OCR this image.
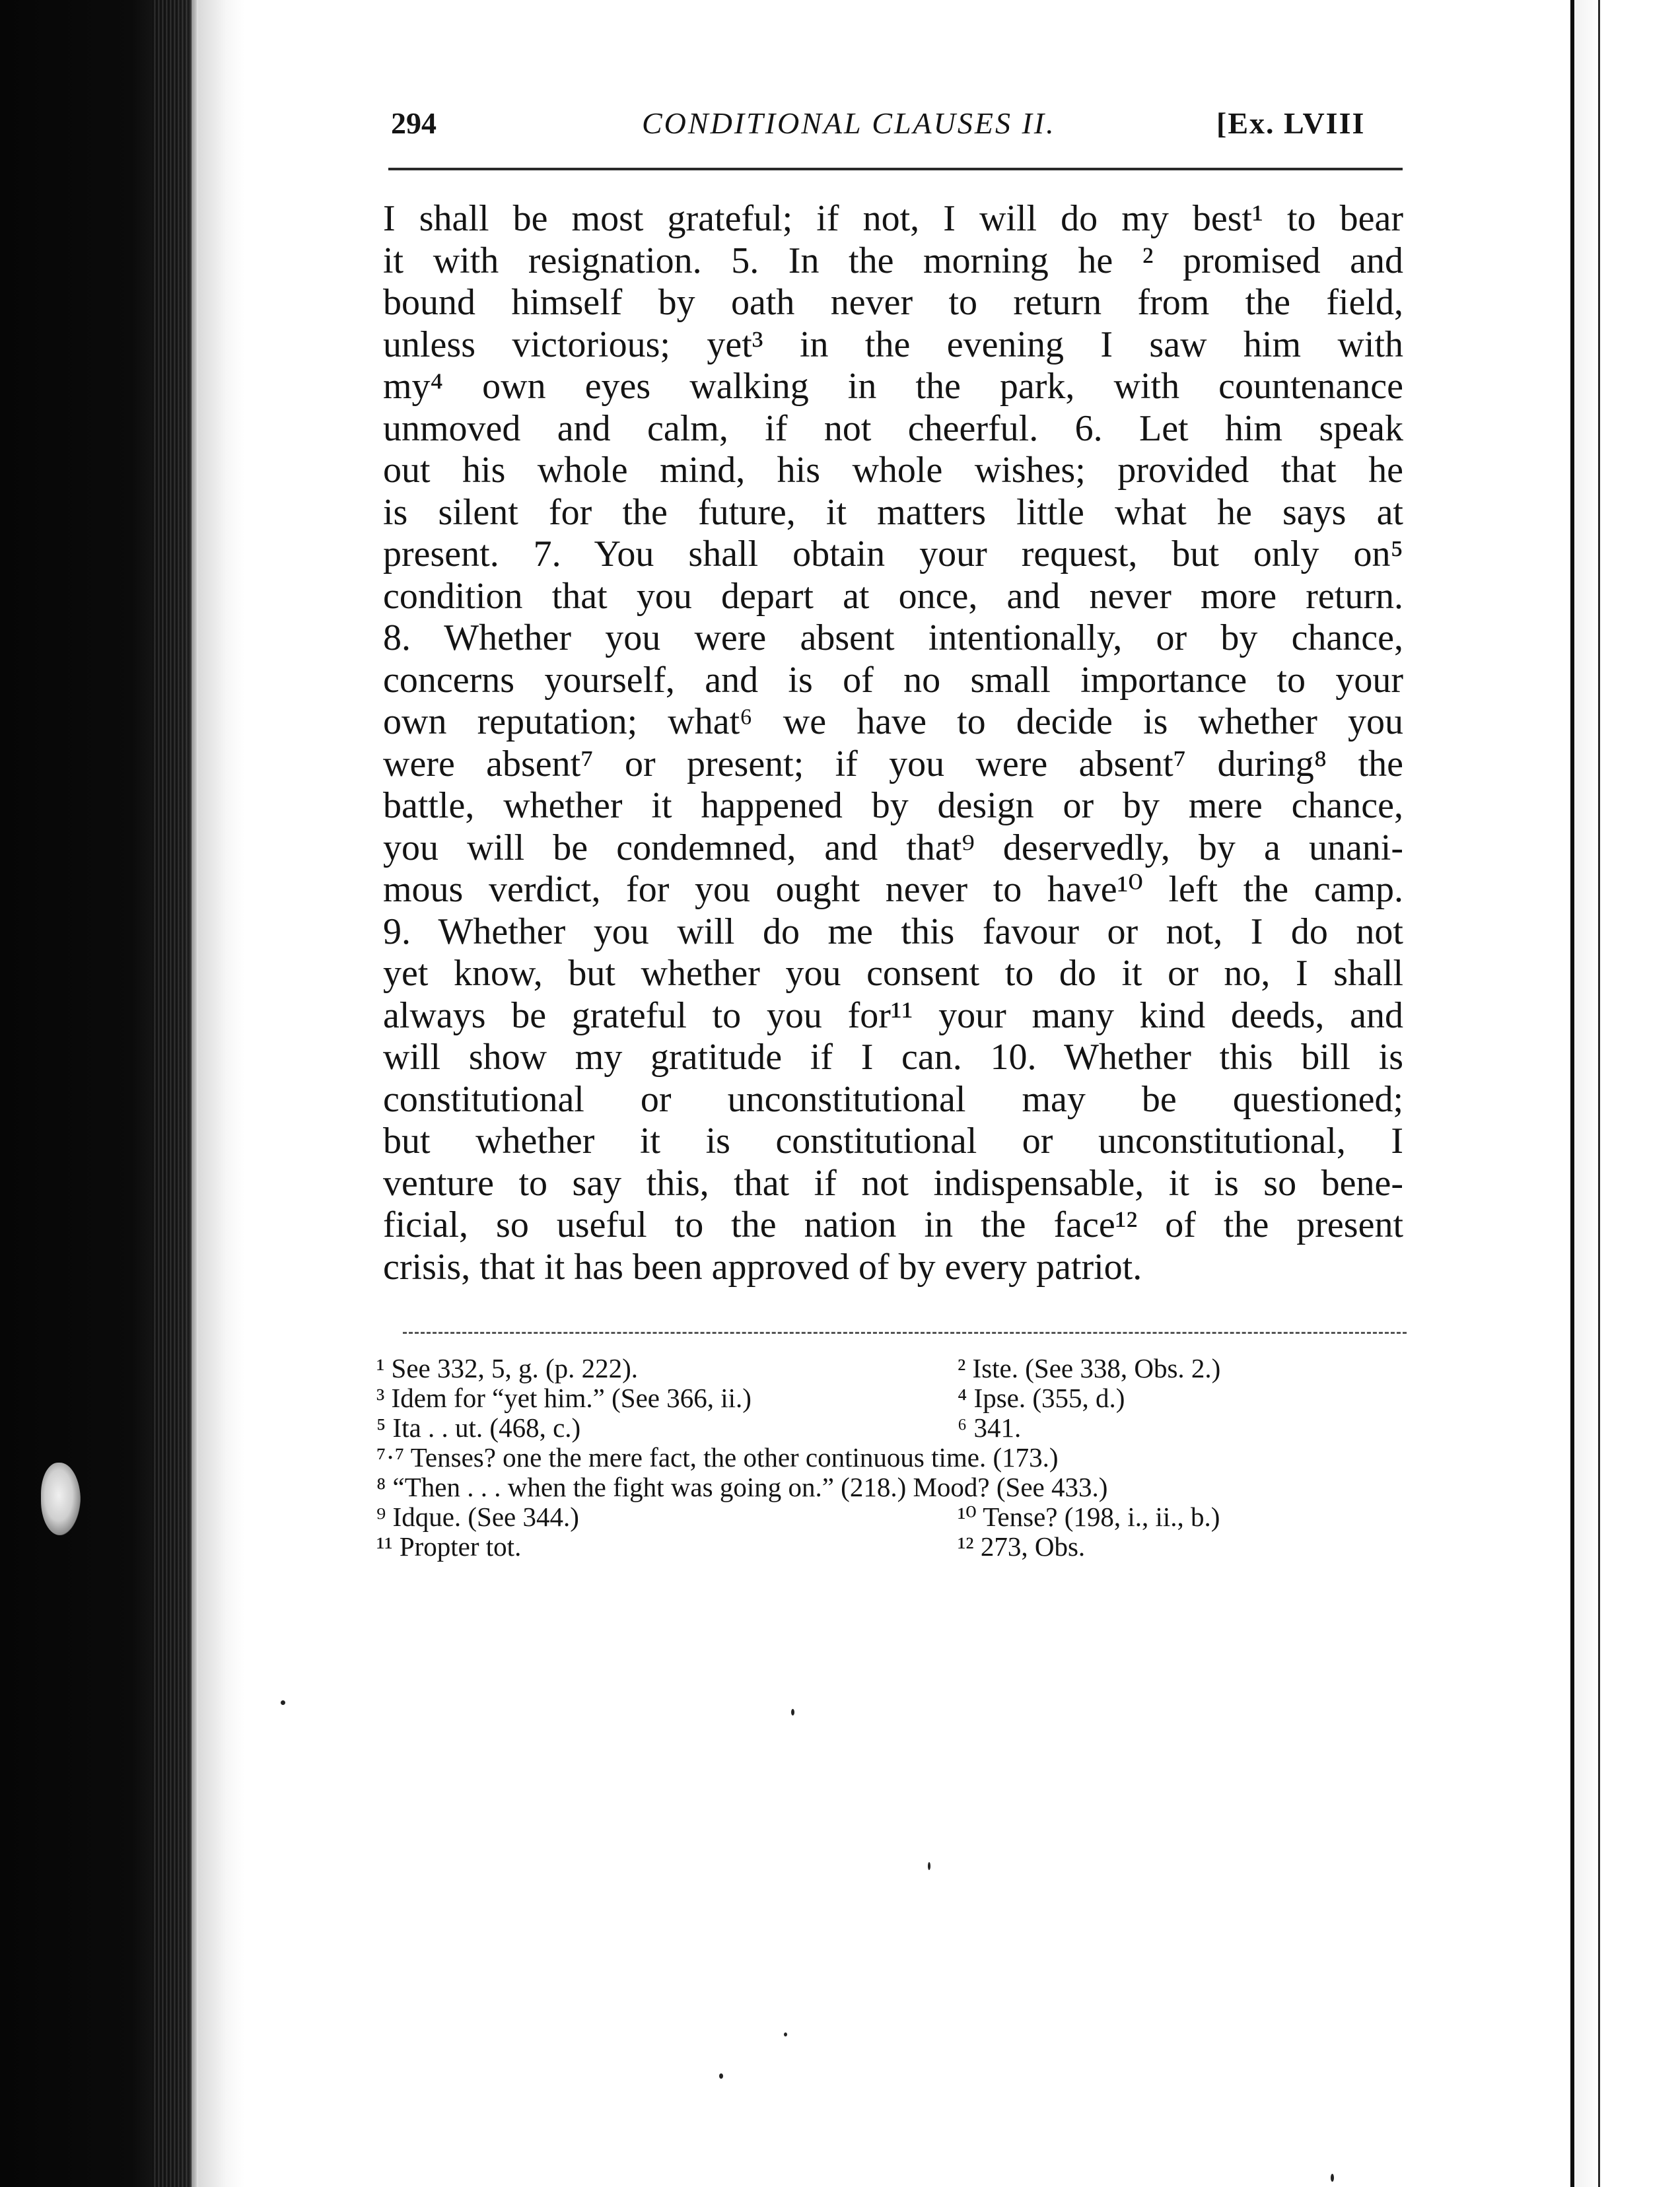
294	CONDITIONAL CLAUSES II.	[Ex. LVIII
I shall be most grateful; if not, I will do my best¹ to bear
it with resignation. 5. In the morning he ² promised and
bound himself by oath never to return from the field,
unless victorious; yet³ in the evening I saw him with
my⁴ own eyes walking in the park, with countenance
unmoved and calm, if not cheerful. 6. Let him speak
out his whole mind, his whole wishes; provided that he
is silent for the future, it matters little what he says at
present. 7. You shall obtain your request, but only on⁵
condition that you depart at once, and never more return.
8. Whether you were absent intentionally, or by chance,
concerns yourself, and is of no small importance to your
own reputation; what⁶ we have to decide is whether you
were absent⁷ or present; if you were absent⁷ during⁸ the
battle, whether it happened by design or by mere chance,
you will be condemned, and that⁹ deservedly, by a unani-
mous verdict, for you ought never to have¹⁰ left the camp.
9. Whether you will do me this favour or not, I do not
yet know, but whether you consent to do it or no, I shall
always be grateful to you for¹¹ your many kind deeds, and
will show my gratitude if I can. 10. Whether this bill is
constitutional or unconstitutional may be questioned;
but whether it is constitutional or unconstitutional, I
venture to say this, that if not indispensable, it is so bene-
ficial, so useful to the nation in the face¹² of the present
crisis, that it has been approved of by every patriot.
¹ See 332, 5, g. (p. 222).	² Iste. (See 338, Obs. 2.)
³ Idem for “yet him.” (See 366, ii.)	⁴ Ipse. (355, d.)
⁵ Ita . . ut. (468, c.)	⁶ 341.
⁷·⁷ Tenses? one the mere fact, the other continuous time. (173.)
⁸ “Then . . . when the fight was going on.” (218.) Mood? (See 433.)
⁹ Idque. (See 344.)	¹⁰ Tense? (198, i., ii., b.)
¹¹ Propter tot.	¹² 273, Obs.
